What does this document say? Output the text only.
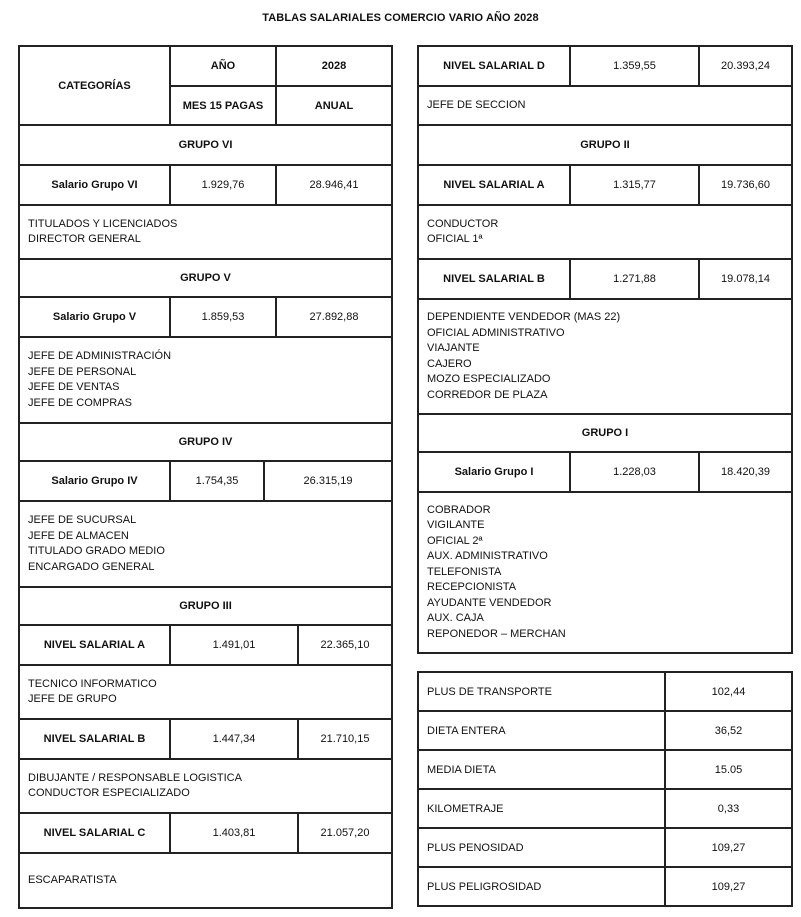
TABLAS SALARIALES COMERCIO VARIO AÑO 2028
CATEGORÍAS
AÑO	2028
MES 15 PAGAS	ANUAL
GRUPO VI
Salario Grupo VI	1.929,76	28.946,41
TITULADOS Y LICENCIADOS
DIRECTOR GENERAL
GRUPO V
Salario Grupo V	1.859,53	27.892,88
JEFE DE ADMINISTRACIÓN
JEFE DE PERSONAL
JEFE DE VENTAS
JEFE DE COMPRAS
GRUPO IV
Salario Grupo IV	1.754,35	26.315,19
JEFE DE SUCURSAL
JEFE DE ALMACEN
TITULADO GRADO MEDIO
ENCARGADO GENERAL
GRUPO III
NIVEL SALARIAL A	1.491,01	22.365,10
TECNICO INFORMATICO
JEFE DE GRUPO
NIVEL SALARIAL B	1.447,34	21.710,15
DIBUJANTE / RESPONSABLE LOGISTICA
CONDUCTOR ESPECIALIZADO
NIVEL SALARIAL C	1.403,81	21.057,20
ESCAPARATISTA
NIVEL SALARIAL D	1.359,55	20.393,24
JEFE DE SECCION
GRUPO II
NIVEL SALARIAL A	1.315,77	19.736,60
CONDUCTOR
OFICIAL 1ª
NIVEL SALARIAL B	1.271,88	19.078,14
DEPENDIENTE VENDEDOR (MAS 22)
OFICIAL ADMINISTRATIVO
VIAJANTE
CAJERO
MOZO ESPECIALIZADO
CORREDOR DE PLAZA
GRUPO I
Salario Grupo I	1.228,03	18.420,39
COBRADOR
VIGILANTE
OFICIAL 2ª
AUX. ADMINISTRATIVO
TELEFONISTA
RECEPCIONISTA
AYUDANTE VENDEDOR
AUX. CAJA
REPONEDOR – MERCHAN
PLUS DE TRANSPORTE	102,44
DIETA ENTERA	36,52
MEDIA DIETA	15.05
KILOMETRAJE	0,33
PLUS PENOSIDAD	109,27
PLUS PELIGROSIDAD	109,27
